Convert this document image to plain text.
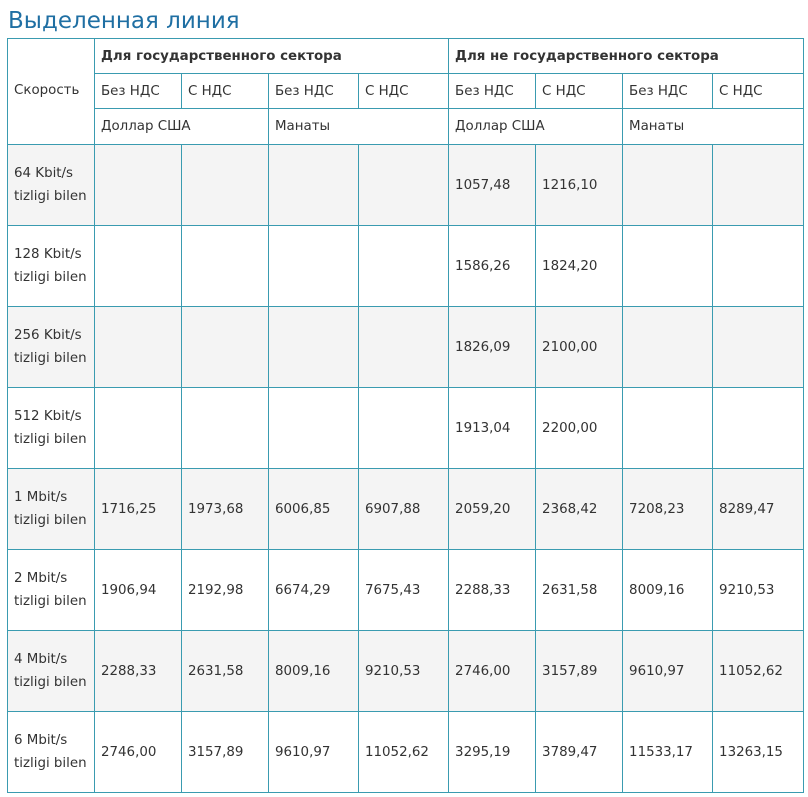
Выделенная линия
Скорость	Для государственного сектора				Для не государственного сектора			
	Без НДС	С НДС	Без НДС	С НДС	Без НДС	С НДС	Без НДС	С НДС
	Доллар США		Манаты		Доллар США		Манаты	
64 Kbit/s tizligi bilen					1057,48	1216,10		
128 Kbit/s tizligi bilen					1586,26	1824,20		
256 Kbit/s tizligi bilen					1826,09	2100,00		
512 Kbit/s tizligi bilen					1913,04	2200,00		
1 Mbit/s tizligi bilen	1716,25	1973,68	6006,85	6907,88	2059,20	2368,42	7208,23	8289,47
2 Mbit/s tizligi bilen	1906,94	2192,98	6674,29	7675,43	2288,33	2631,58	8009,16	9210,53
4 Mbit/s tizligi bilen	2288,33	2631,58	8009,16	9210,53	2746,00	3157,89	9610,97	11052,62
6 Mbit/s tizligi bilen	2746,00	3157,89	9610,97	11052,62	3295,19	3789,47	11533,17	13263,15
